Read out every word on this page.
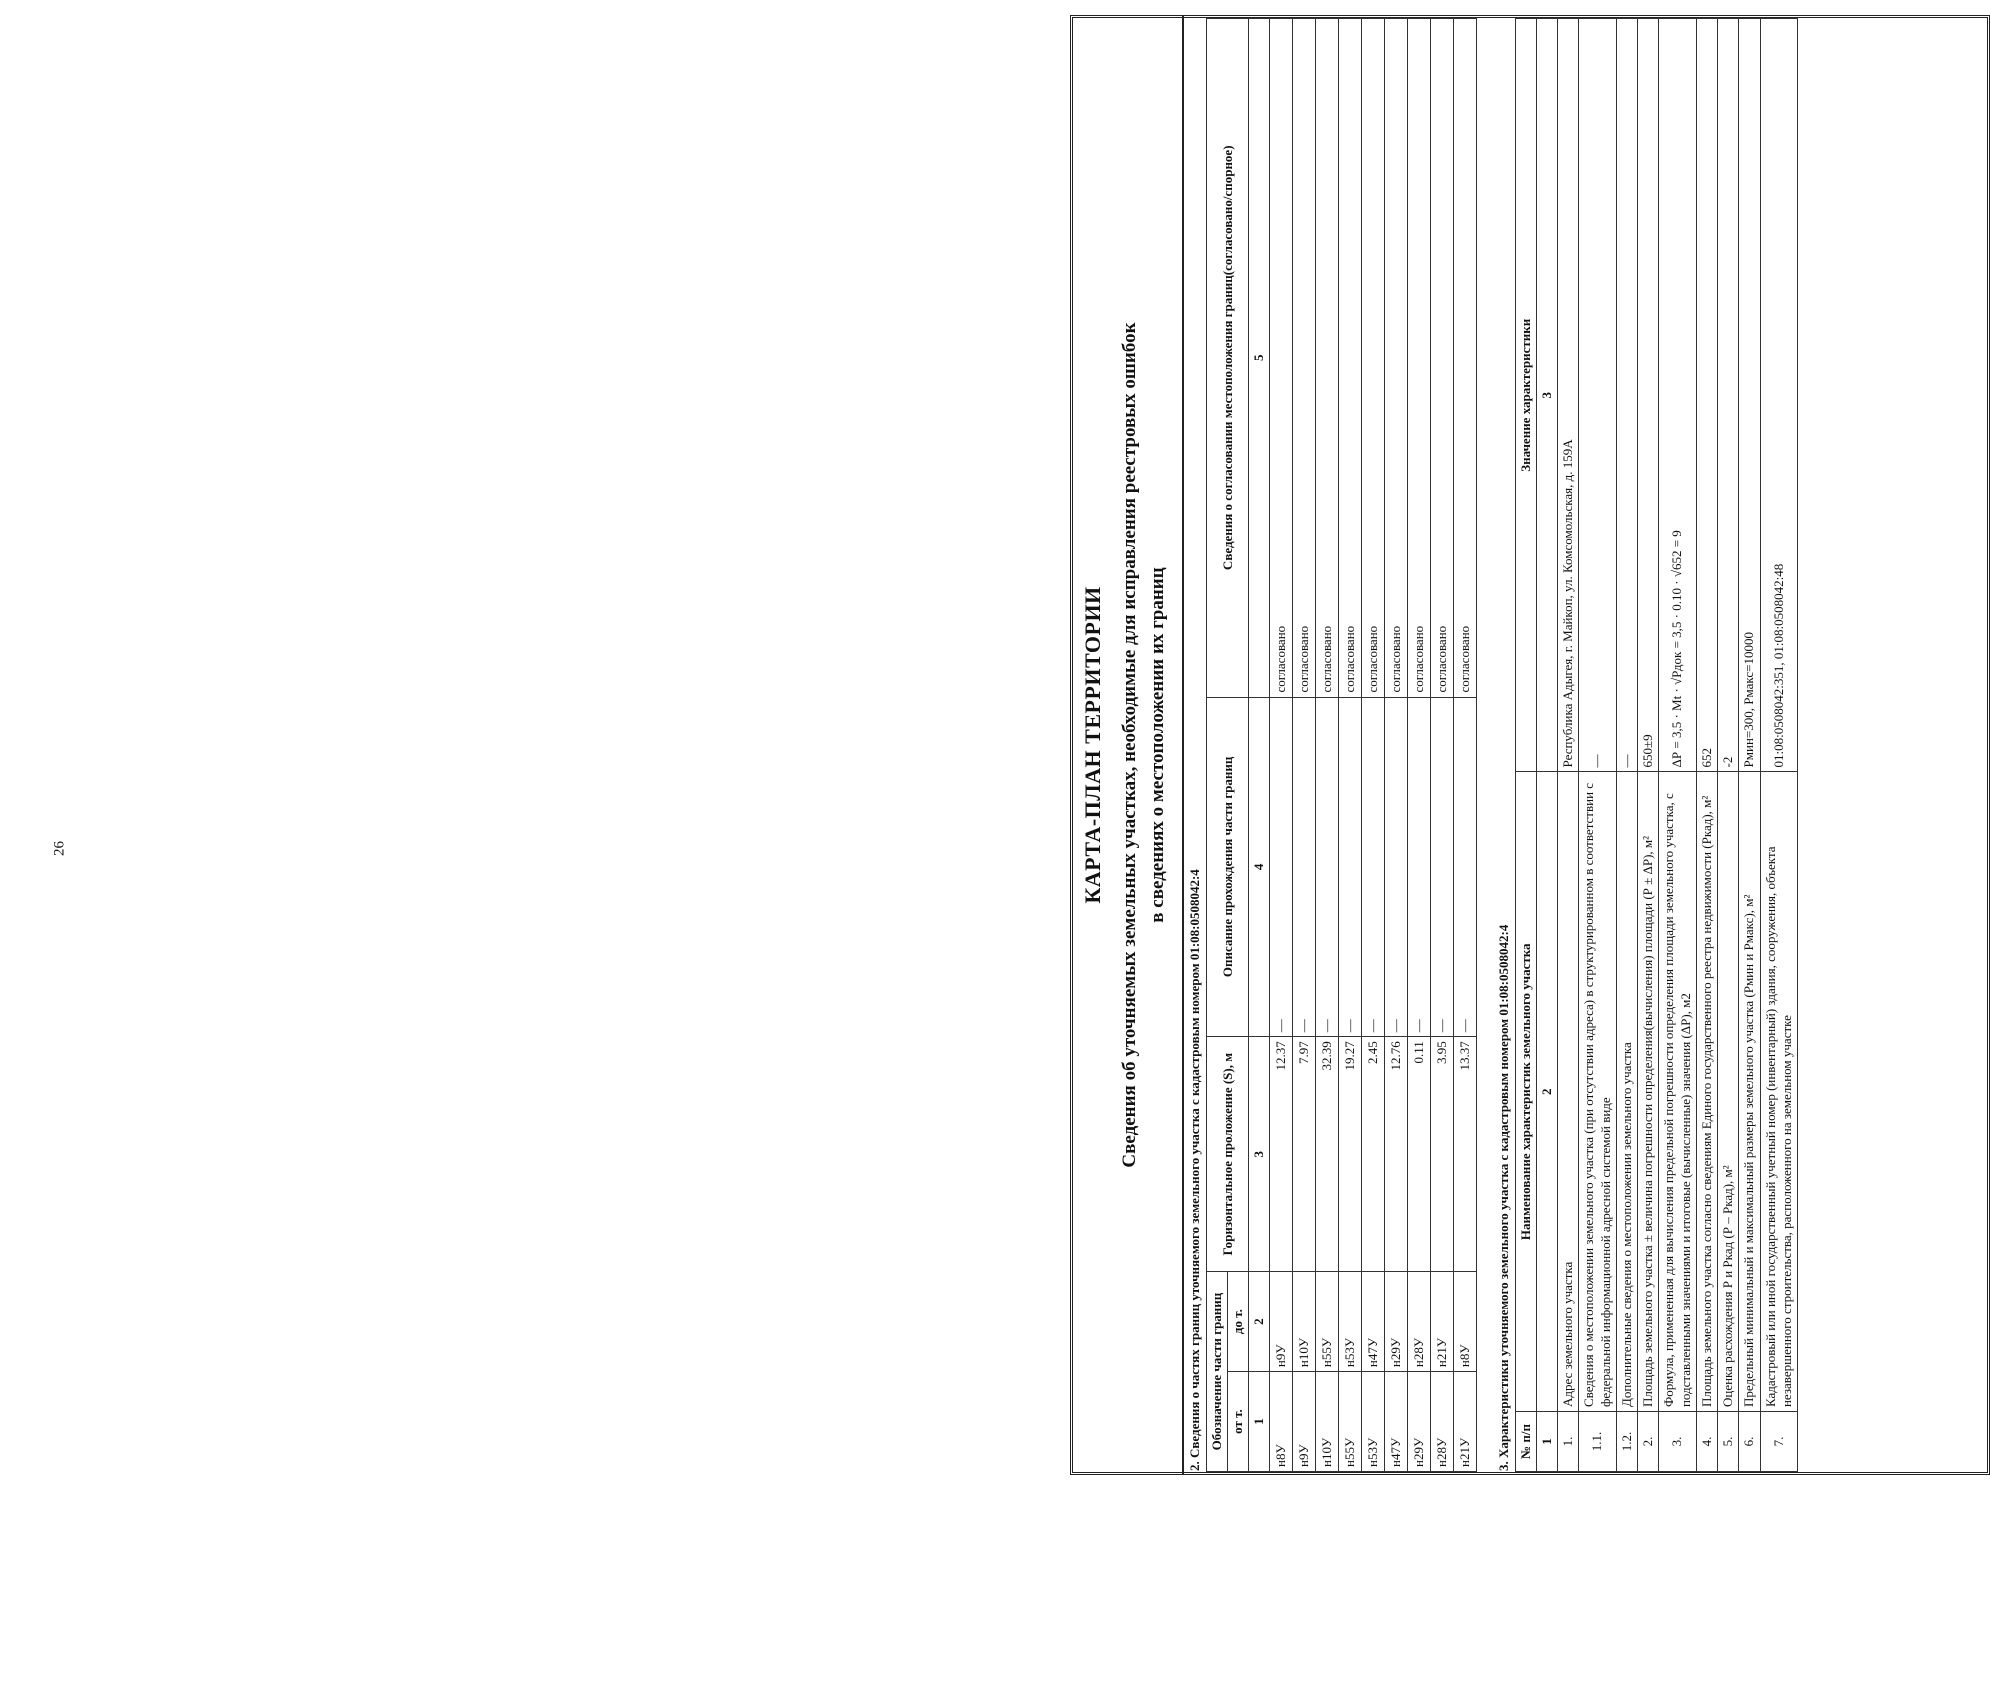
26	КАРТА-ПЛАН ТЕРРИТОРИИ Сведения об уточняемых земельных участках, необходимые для исправления реестровых ошибок в сведениях о местоположении их границ
2. Сведения о частях границ уточняемого земельного участка с кадастровым номером 01:08:0508042:4 Обозначение части границ		Горизонтальное проложение (S), м	Описание прохождения части границ	Сведения о согласовании местоположения границ(согласовано/спорное)
от т.	до т.			
1	2	3	4	5
н8У	н9У	12.37	—	согласовано
н9У	н10У	7.97	—	согласовано
н10У	н55У	32.39	—	согласовано
н55У	н53У	19.27	—	согласовано
н53У	н47У	2.45	—	согласовано
н47У	н29У	12.76	—	согласовано
н29У	н28У	0.11	—	согласовано
н28У	н21У	3.95	—	согласовано
н21У	н8У	13.37	—	согласовано
3. Характеристики уточняемого земельного участка с кадастровым номером 01:08:0508042:4 № п/п	Наименование характеристик земельного участка	Значение характеристики
1	2	3
1.	Адрес земельного участка	Республика Адыгея, г. Майкоп, ул. Комсомольская, д. 159А
1.1.	Сведения о местоположении земельного участка (при отсутствии адреса) в структурированном в соответствии с федеральной информационной адресной системой виде	—
1.2.	Дополнительные сведения о местоположении земельного участка	—
2.	Площадь земельного участка ± величина погрешности определения(вычисления) площади (Р ± ΔР), м²	650±9
3.	Формула, примененная для вычисления предельной погрешности определения площади земельного участка, с подставленными значениями и итоговые (вычисленные) значения (ΔР), м2	ΔР = 3,5 · Mt · √Рдок = 3,5 · 0.10 · √652 = 9
4.	Площадь земельного участка согласно сведениям Единого государственного реестра недвижимости (Ркад), м²	652
5.	Оценка расхождения Р и Ркад (Р – Ркад), м²	-2
6.	Предельный минимальный и максимальный размеры земельного участка (Рмин и Рмакс), м²	Рмин=300, Рмакс=10000
7.	Кадастровый или иной государственный учетный номер (инвентарный) здания, сооружения, объекта незавершенного строительства, расположенного на земельном участке	01:08:0508042:351, 01:08:0508042:48
